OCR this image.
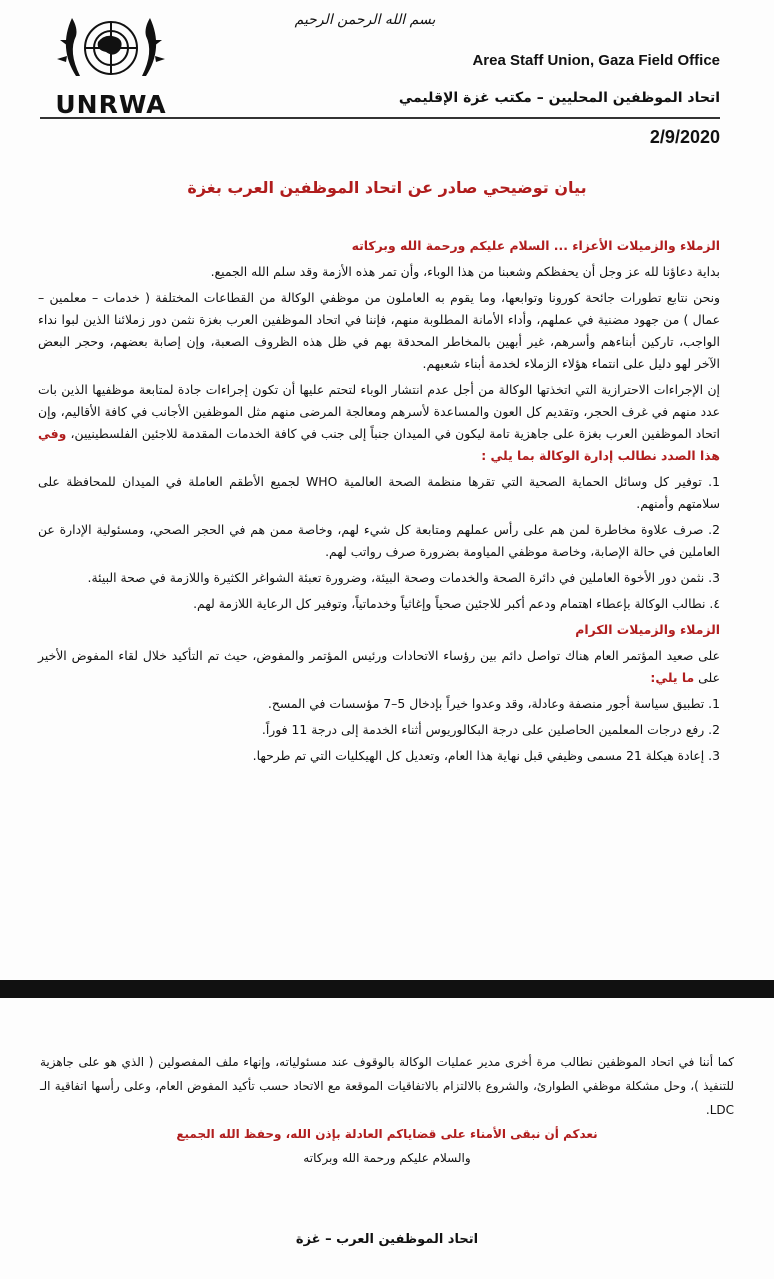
UNRWA
بسم الله الرحمن الرحيم
Area Staff Union, Gaza Field Office
اتحاد الموظفين المحليين – مكتب غزة الإقليمي
2/9/2020
بيان توضيحي صادر عن اتحاد الموظفين العرب بغزة

الزملاء والزميلات الأعزاء ... السلام عليكم ورحمة الله وبركاته

بداية دعاؤنا لله عز وجل أن يحفظكم وشعبنا من هذا الوباء، وأن تمر هذه الأزمة وقد سلم الله الجميع.

ونحن نتابع تطورات جائحة كورونا وتوابعها، وما يقوم به العاملون من موظفي الوكالة من القطاعات المختلفة ( خدمات – معلمين – عمال ) من جهود مضنية في عملهم، وأداء الأمانة المطلوبة منهم، فإننا في اتحاد الموظفين العرب بغزة نثمن دور زملائنا الذين لبوا نداء الواجب، تاركين أبناءهم وأسرهم، غير أبهين بالمخاطر المحدقة بهم في ظل هذه الظروف الصعبة، وإن إصابة بعضهم، وحجر البعض الآخر لهو دليل على انتماء هؤلاء الزملاء لخدمة أبناء شعبهم.

إن الإجراءات الاحترازية التي اتخذتها الوكالة من أجل عدم انتشار الوباء لتحتم عليها أن تكون إجراءات جادة لمتابعة موظفيها الذين بات عدد منهم في غرف الحجر، وتقديم كل العون والمساعدة لأسرهم ومعالجة المرضى منهم مثل الموظفين الأجانب في كافة الأقاليم، وإن اتحاد الموظفين العرب بغزة على جاهزية تامة ليكون في الميدان جنباً إلى جنب في كافة الخدمات المقدمة للاجئين الفلسطينيين، وفي هذا الصدد نطالب إدارة الوكالة بما يلي :

1. توفير كل وسائل الحماية الصحية التي تقرها منظمة الصحة العالمية WHO لجميع الأطقم العاملة في الميدان للمحافظة على سلامتهم وأمنهم.

2. صرف علاوة مخاطرة لمن هم على رأس عملهم ومتابعة كل شيء لهم، وخاصة ممن هم في الحجر الصحي، ومسئولية الإدارة عن العاملين في حالة الإصابة، وخاصة موظفي المياومة بضرورة صرف رواتب لهم.

3. نثمن دور الأخوة العاملين في دائرة الصحة والخدمات وصحة البيئة، وضرورة تعبئة الشواغر الكثيرة واللازمة في صحة البيئة.

٤. نطالب الوكالة بإعطاء اهتمام ودعم أكبر للاجئين صحياً وإغاثياً وخدماتياً، وتوفير كل الرعاية اللازمة لهم.

الزملاء والزميلات الكرام

على صعيد المؤتمر العام هناك تواصل دائم بين رؤساء الاتحادات ورئيس المؤتمر والمفوض، حيث تم التأكيد خلال لقاء المفوض الأخير على ما يلي:

1. تطبيق سياسة أجور منصفة وعادلة، وقد وعدوا خيراً بإدخال 5–7 مؤسسات في المسح.

2. رفع درجات المعلمين الحاصلين على درجة البكالوريوس أثناء الخدمة إلى درجة 11 فوراً.

3. إعادة هيكلة 21 مسمى وظيفي قبل نهاية هذا العام، وتعديل كل الهيكليات التي تم طرحها.

كما أننا في اتحاد الموظفين نطالب مرة أخرى مدير عمليات الوكالة بالوقوف عند مسئولياته، وإنهاء ملف المفصولين ( الذي هو على جاهزية للتنفيذ )، وحل مشكلة موظفي الطوارئ، والشروع بالالتزام بالاتفاقيات الموقعة مع الاتحاد حسب تأكيد المفوض العام، وعلى رأسها اتفاقية الـ LDC.

نعدكم أن نبقى الأمناء على قضاياكم العادلة بإذن الله، وحفظ الله الجميع

والسلام عليكم ورحمة الله وبركاته

اتحاد الموظفين العرب – غزة
